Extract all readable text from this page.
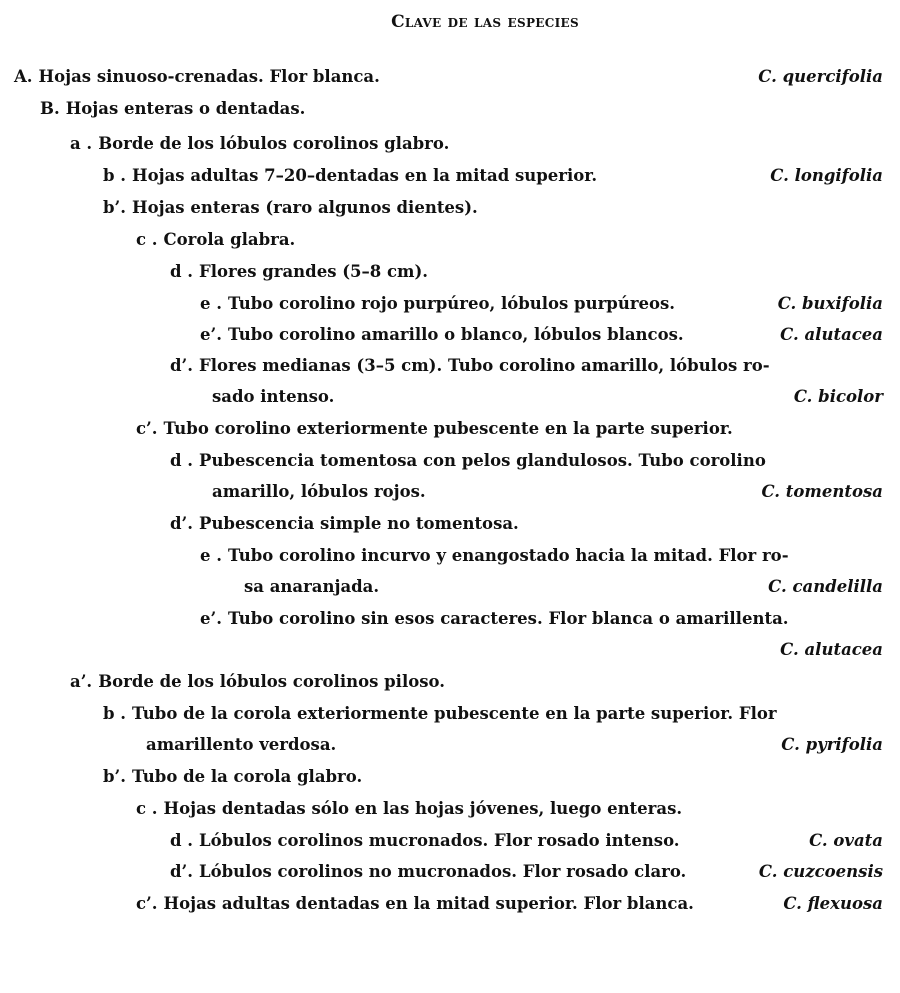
Clave de las especies
A. Hojas sinuoso-crenadas. Flor blanca.	C. quercifolia
B. Hojas enteras o dentadas.
a . Borde de los lóbulos corolinos glabro.
b . Hojas adultas 7–20–dentadas en la mitad superior.	C. longifolia
b’. Hojas enteras (raro algunos dientes).
c . Corola glabra.
d . Flores grandes (5–8 cm).
e . Tubo corolino rojo purpúreo, lóbulos purpúreos.	C. buxifolia
e’. Tubo corolino amarillo o blanco, lóbulos blancos.	C. alutacea
d’. Flores medianas (3–5 cm). Tubo corolino amarillo, lóbulos ro-
sado intenso.	C. bicolor
c’. Tubo corolino exteriormente pubescente en la parte superior.
d . Pubescencia tomentosa con pelos glandulosos. Tubo corolino
amarillo, lóbulos rojos.	C. tomentosa
d’. Pubescencia simple no tomentosa.
e . Tubo corolino incurvo y enangostado hacia la mitad. Flor ro-
sa anaranjada.	C. candelilla
e’. Tubo corolino sin esos caracteres. Flor blanca o amarillenta.
C. alutacea
a’. Borde de los lóbulos corolinos piloso.
b . Tubo de la corola exteriormente pubescente en la parte superior. Flor
amarillento verdosa.	C. pyrifolia
b’. Tubo de la corola glabro.
c . Hojas dentadas sólo en las hojas jóvenes, luego enteras.
d . Lóbulos corolinos mucronados. Flor rosado intenso.	C. ovata
d’. Lóbulos corolinos no mucronados. Flor rosado claro.	C. cuzcoensis
c’. Hojas adultas dentadas en la mitad superior. Flor blanca.	C. flexuosa
